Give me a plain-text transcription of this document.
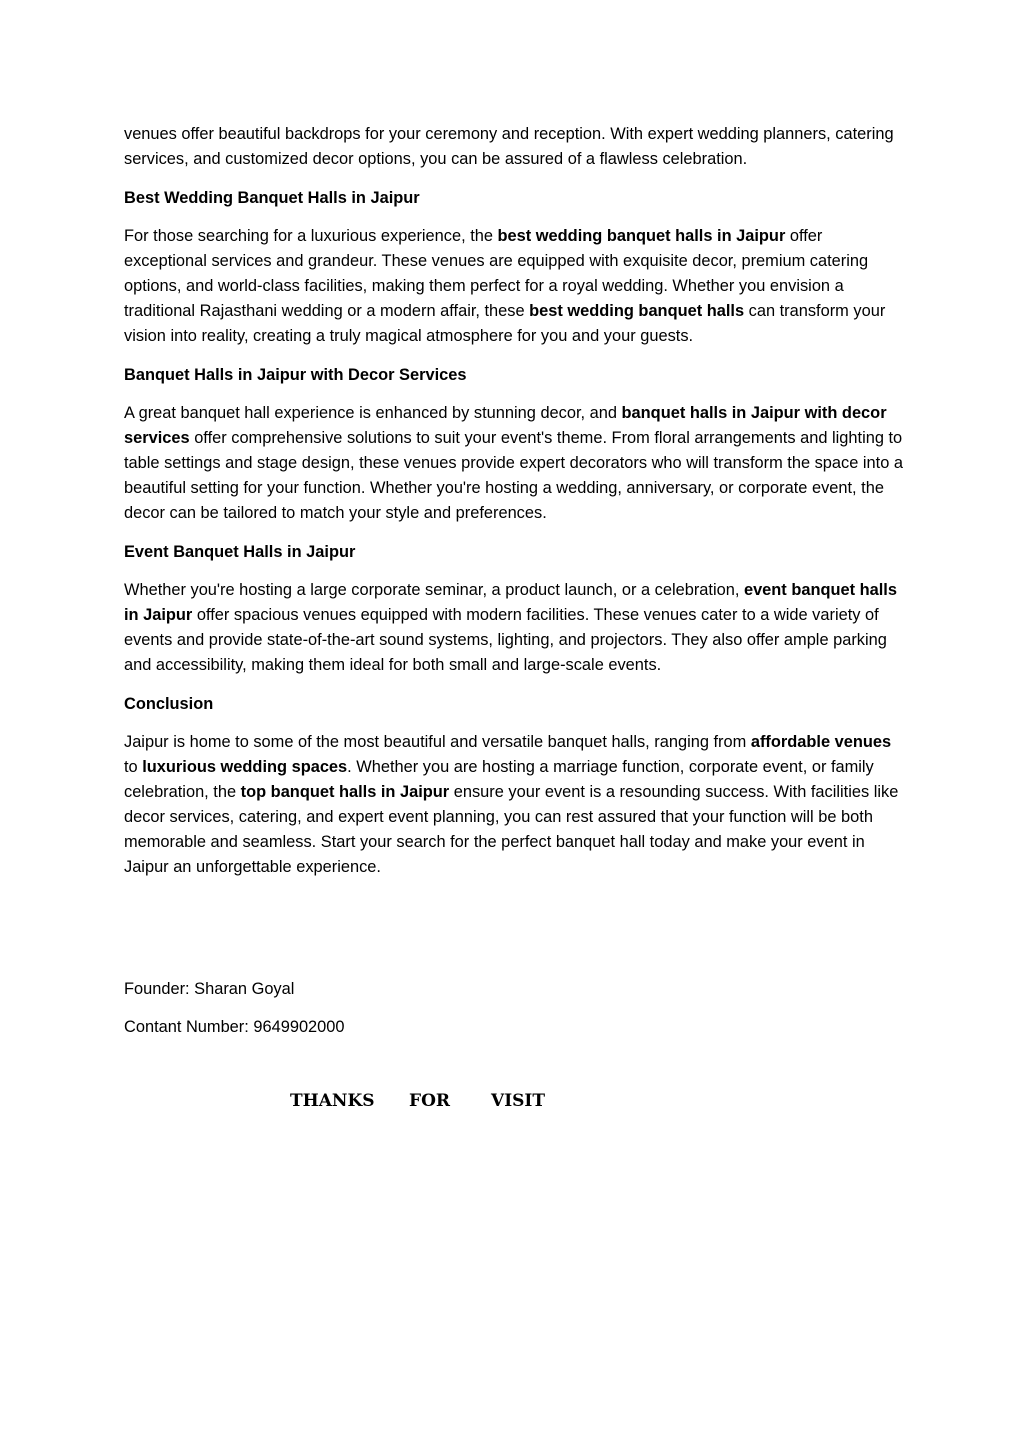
venues offer beautiful backdrops for your ceremony and reception. With expert wedding planners, catering services, and customized decor options, you can be assured of a flawless celebration.

Best Wedding Banquet Halls in Jaipur

For those searching for a luxurious experience, the best wedding banquet halls in Jaipur offer exceptional services and grandeur. These venues are equipped with exquisite decor, premium catering options, and world-class facilities, making them perfect for a royal wedding. Whether you envision a traditional Rajasthani wedding or a modern affair, these best wedding banquet halls can transform your vision into reality, creating a truly magical atmosphere for you and your guests.

Banquet Halls in Jaipur with Decor Services

A great banquet hall experience is enhanced by stunning decor, and banquet halls in Jaipur with decor services offer comprehensive solutions to suit your event's theme. From floral arrangements and lighting to table settings and stage design, these venues provide expert decorators who will transform the space into a beautiful setting for your function. Whether you're hosting a wedding, anniversary, or corporate event, the decor can be tailored to match your style and preferences.

Event Banquet Halls in Jaipur

Whether you're hosting a large corporate seminar, a product launch, or a celebration, event banquet halls in Jaipur offer spacious venues equipped with modern facilities. These venues cater to a wide variety of events and provide state-of-the-art sound systems, lighting, and projectors. They also offer ample parking and accessibility, making them ideal for both small and large-scale events.

Conclusion

Jaipur is home to some of the most beautiful and versatile banquet halls, ranging from affordable venues to luxurious wedding spaces. Whether you are hosting a marriage function, corporate event, or family celebration, the top banquet halls in Jaipur ensure your event is a resounding success. With facilities like decor services, catering, and expert event planning, you can rest assured that your function will be both memorable and seamless. Start your search for the perfect banquet hall today and make your event in Jaipur an unforgettable experience.

Founder: Sharan Goyal

Contant Number: 9649902000

THANKS FOR VISIT
